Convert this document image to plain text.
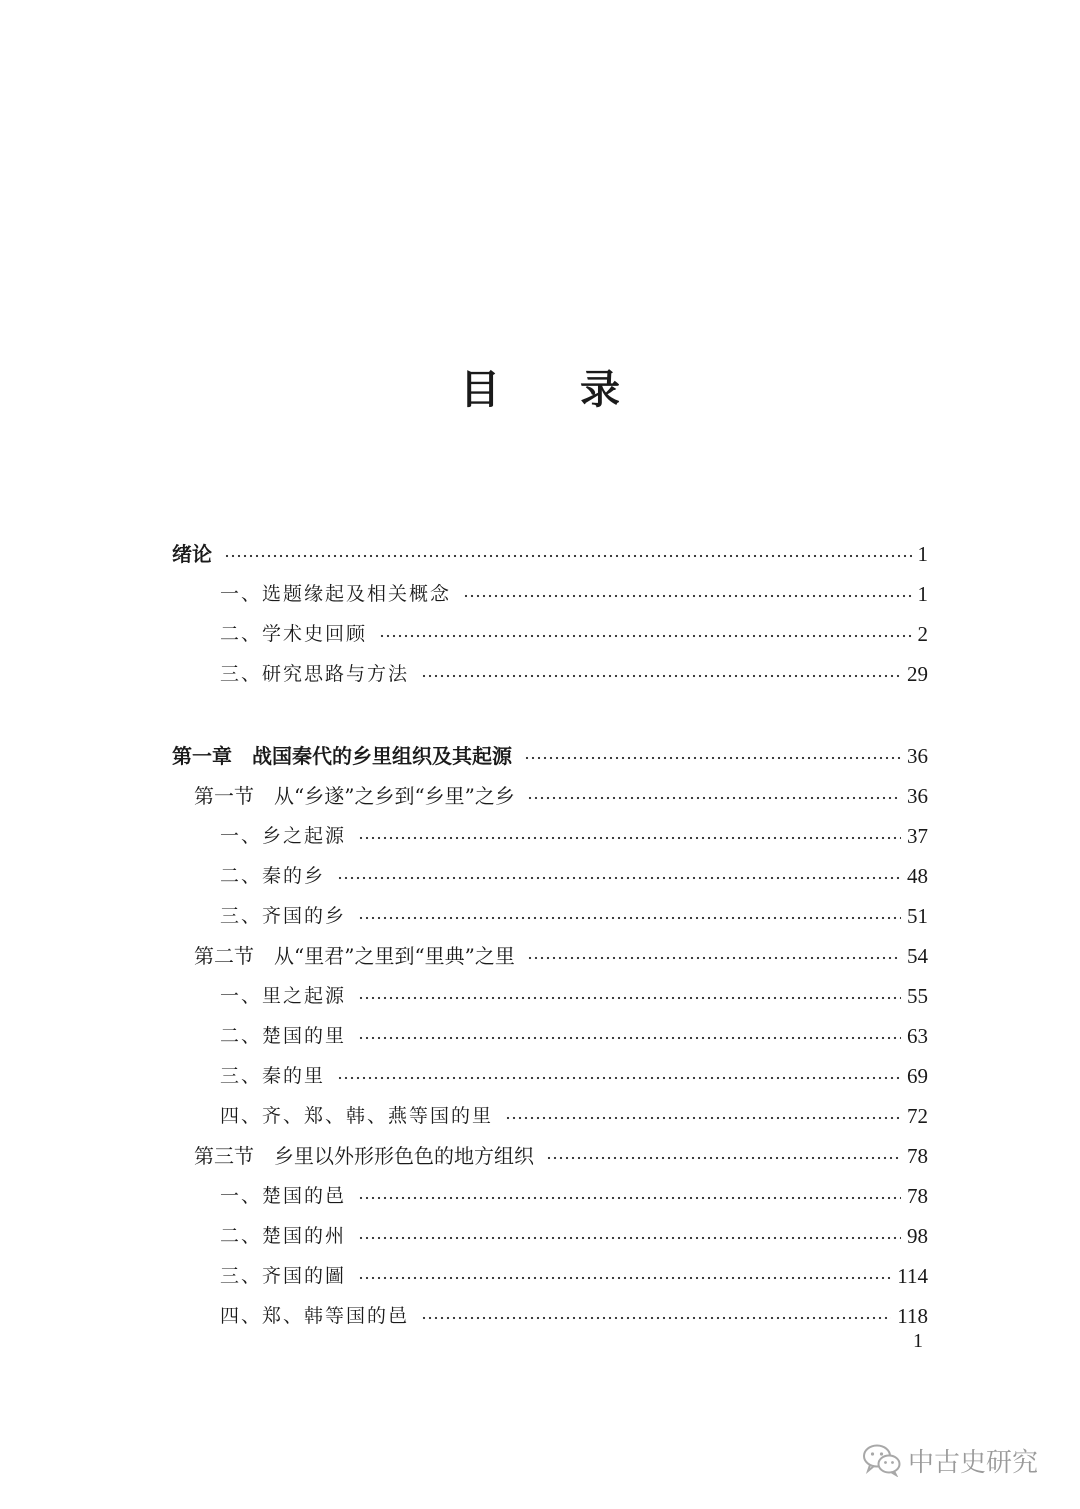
目 录
绪论	1
一、选题缘起及相关概念	1
二、学术史回顾	2
三、研究思路与方法	29
第一章　战国秦代的乡里组织及其起源	36
第一节　从“乡遂”之乡到“乡里”之乡	36
一、乡之起源	37
二、秦的乡	48
三、齐国的乡	51
第二节　从“里君”之里到“里典”之里	54
一、里之起源	55
二、楚国的里	63
三、秦的里	69
四、齐、郑、韩、燕等国的里	72
第三节　乡里以外形形色色的地方组织	78
一、楚国的邑	78
二、楚国的州	98
三、齐国的圖	114
四、郑、韩等国的邑	118
1
中古史研究
